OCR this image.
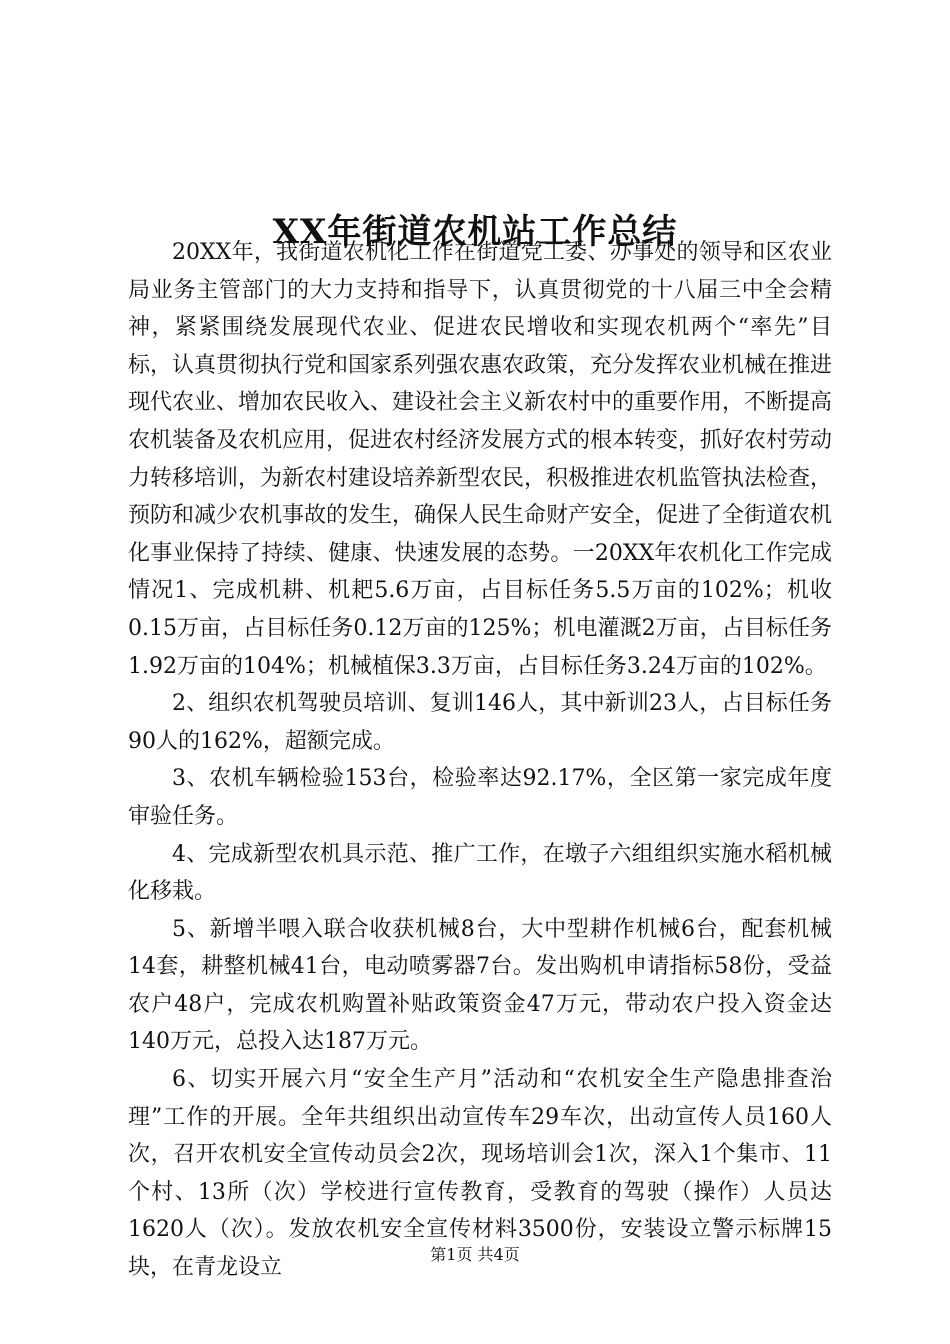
XX年街道农机站工作总结

20XX年，我街道农机化工作在街道党工委、办事处的领导和区农业局业务主管部门的大力支持和指导下，认真贯彻党的十八届三中全会精神，紧紧围绕发展现代农业、促进农民增收和实现农机两个“率先”目标，认真贯彻执行党和国家系列强农惠农政策，充分发挥农业机械在推进现代农业、增加农民收入、建设社会主义新农村中的重要作用，不断提高农机装备及农机应用，促进农村经济发展方式的根本转变，抓好农村劳动力转移培训，为新农村建设培养新型农民，积极推进农机监管执法检查，预防和减少农机事故的发生，确保人民生命财产安全，促进了全街道农机化事业保持了持续、健康、快速发展的态势。一20XX年农机化工作完成情况1、完成机耕、机耙5.6万亩，占目标任务5.5万亩的102%；机收0.15万亩，占目标任务0.12万亩的125%；机电灌溉2万亩，占目标任务1.92万亩的104%；机械植保3.3万亩，占目标任务3.24万亩的102%。

2、组织农机驾驶员培训、复训146人，其中新训23人，占目标任务90人的162%，超额完成。

3、农机车辆检验153台，检验率达92.17%，全区第一家完成年度审验任务。

4、完成新型农机具示范、推广工作，在墩子六组组织实施水稻机械化移栽。

5、新增半喂入联合收获机械8台，大中型耕作机械6台，配套机械14套，耕整机械41台，电动喷雾器7台。发出购机申请指标58份，受益农户48户，完成农机购置补贴政策资金47万元，带动农户投入资金达140万元，总投入达187万元。

6、切实开展六月“安全生产月”活动和“农机安全生产隐患排查治理”工作的开展。全年共组织出动宣传车29车次，出动宣传人员160人次，召开农机安全宣传动员会2次，现场培训会1次，深入1个集市、11个村、13所（次）学校进行宣传教育，受教育的驾驶（操作）人员达1620人（次）。发放农机安全宣传材料3500份，安装设立警示标牌15块，在青龙设立

第1页 共4页
